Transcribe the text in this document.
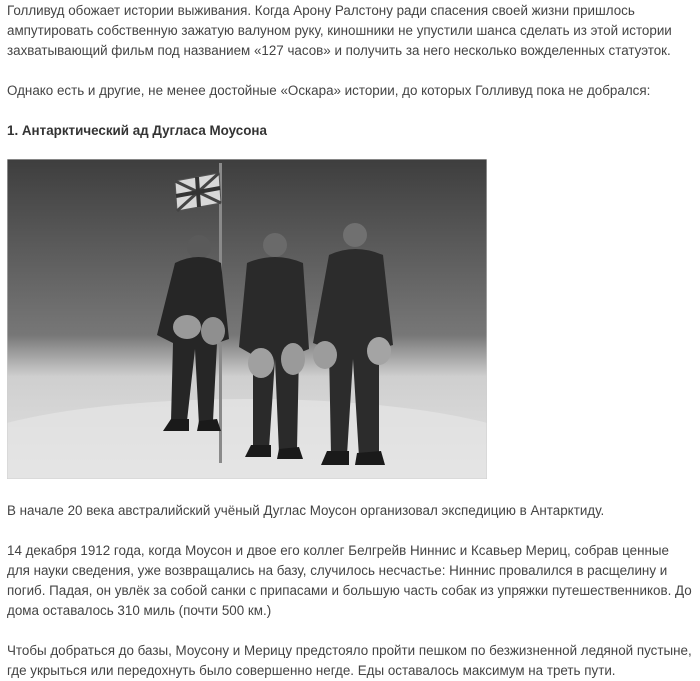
Голливуд обожает истории выживания. Когда Арону Ралстону ради спасения своей жизни пришлось ампутировать собственную зажатую валуном руку, киношники не упустили шанса сделать из этой истории захватывающий фильм под названием «127 часов» и получить за него несколько вожделенных статуэток.

Однако есть и другие, не менее достойные «Оскара» истории, до которых Голливуд пока не добрался:

1. Антарктический ад Дугласа Моусона

В начале 20 века австралийский учёный Дуглас Моусон организовал экспедицию в Антарктиду.

14 декабря 1912 года, когда Моусон и двое его коллег Белгрейв Ниннис и Ксавьер Мериц, собрав ценные для науки сведения, уже возвращались на базу, случилось несчастье: Ниннис провалился в расщелину и погиб. Падая, он увлёк за собой санки с припасами и большую часть собак из упряжки путешественников. До дома оставалось 310 миль (почти 500 км.)

Чтобы добраться до базы, Моусону и Мерицу предстояло пройти пешком по безжизненной ледяной пустыне, где укрыться или передохнуть было совершенно негде. Еды оставалось максимум на треть пути.
